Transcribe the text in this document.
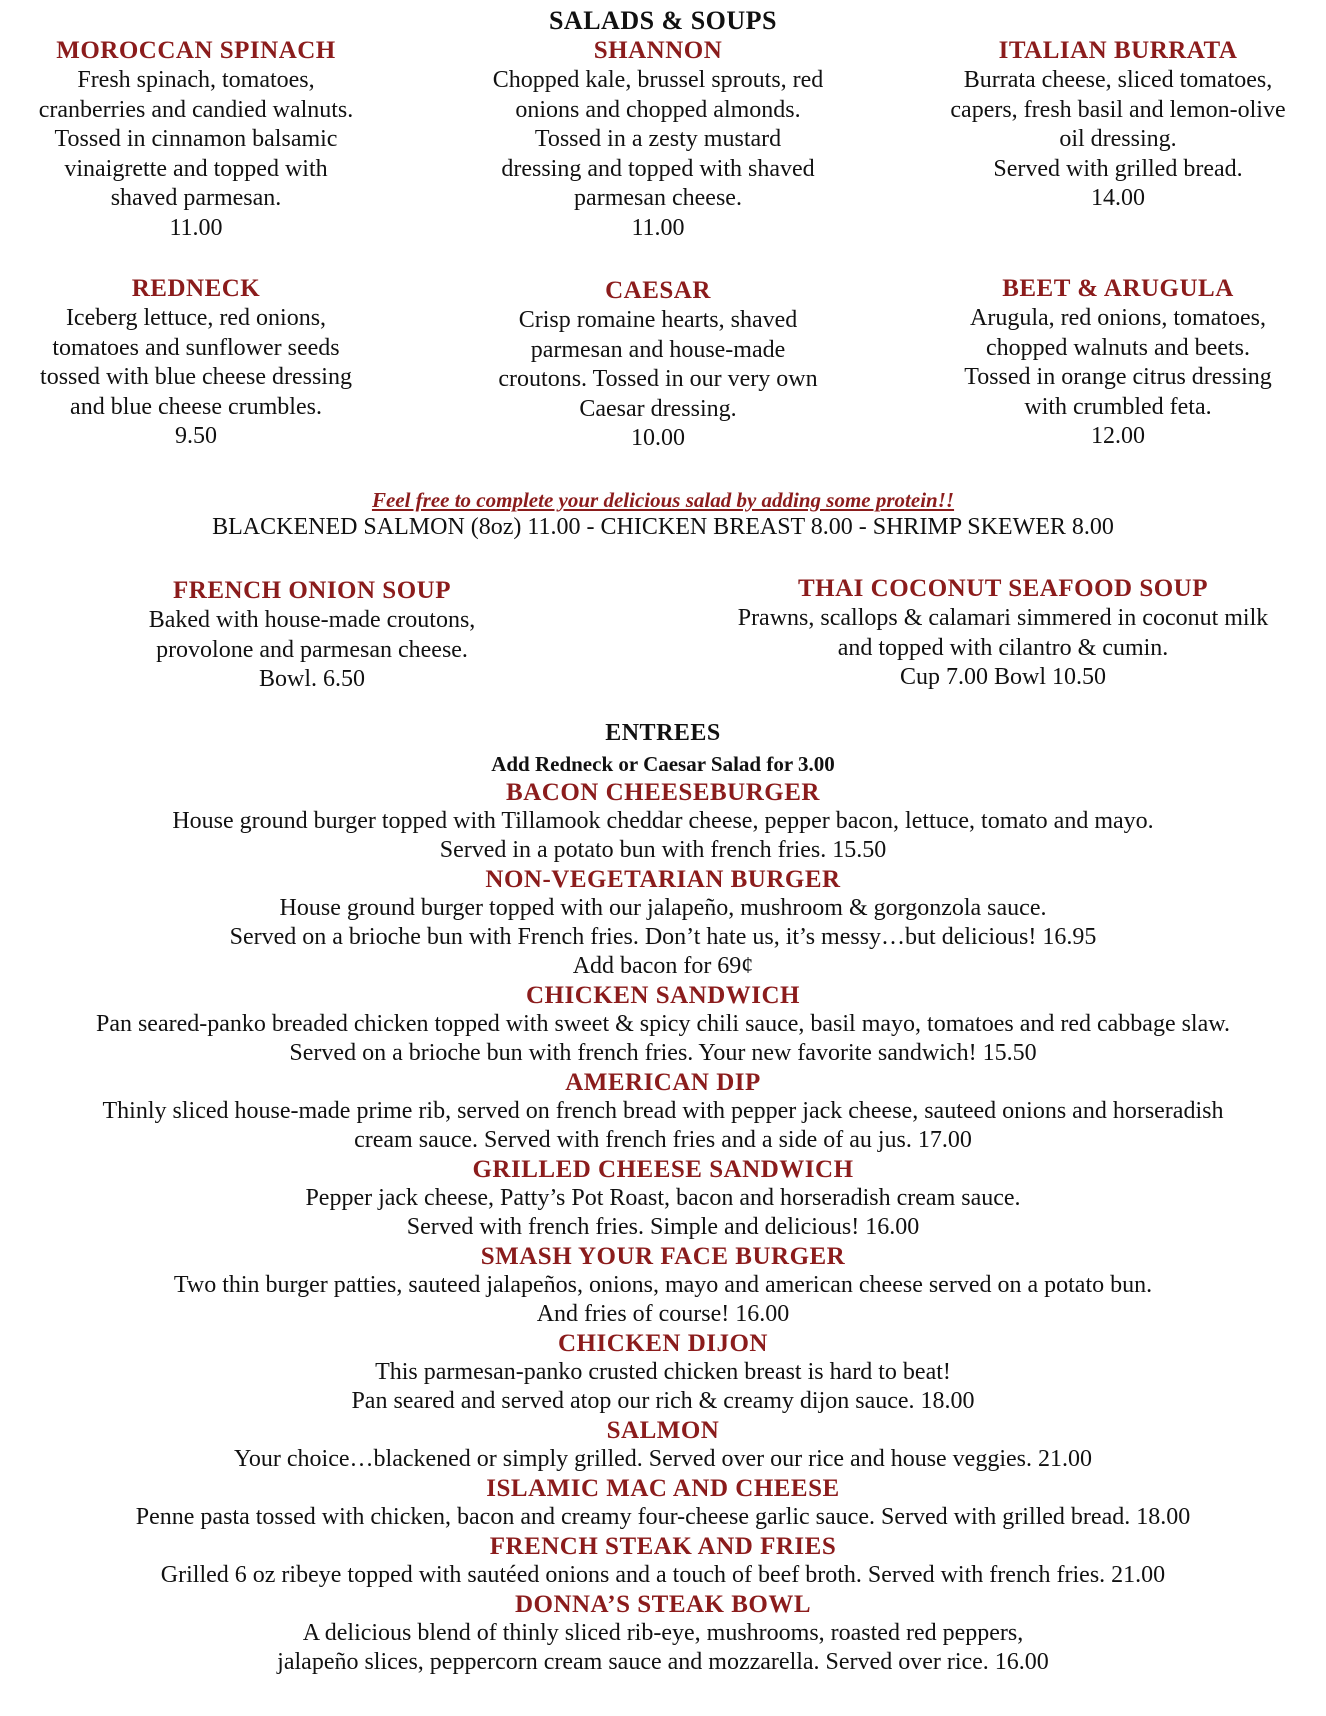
SALADS & SOUPS
MOROCCAN SPINACH
Fresh spinach, tomatoes,
cranberries and candied walnuts.
Tossed in cinnamon balsamic
vinaigrette and topped with
shaved parmesan.
11.00
SHANNON
Chopped kale, brussel sprouts, red
onions and chopped almonds.
Tossed in a zesty mustard
dressing and topped with shaved
parmesan cheese.
11.00
ITALIAN BURRATA
Burrata cheese, sliced tomatoes,
capers, fresh basil and lemon-olive
oil dressing.
Served with grilled bread.
14.00
REDNECK
Iceberg lettuce, red onions,
tomatoes and sunflower seeds
tossed with blue cheese dressing
and blue cheese crumbles.
9.50
CAESAR
Crisp romaine hearts, shaved
parmesan and house-made
croutons. Tossed in our very own
Caesar dressing.
10.00
BEET & ARUGULA
Arugula, red onions, tomatoes,
chopped walnuts and beets.
Tossed in orange citrus dressing
with crumbled feta.
12.00
Feel free to complete your delicious salad by adding some protein!!
BLACKENED SALMON (8oz) 11.00 - CHICKEN BREAST 8.00 - SHRIMP SKEWER 8.00
FRENCH ONION SOUP
Baked with house-made croutons,
provolone and parmesan cheese.
Bowl. 6.50
THAI COCONUT SEAFOOD SOUP
Prawns, scallops & calamari simmered in coconut milk
and topped with cilantro & cumin.
Cup 7.00 Bowl 10.50
ENTREES
Add Redneck or Caesar Salad for 3.00
BACON CHEESEBURGER
House ground burger topped with Tillamook cheddar cheese, pepper bacon, lettuce, tomato and mayo.
Served in a potato bun with french fries. 15.50
NON-VEGETARIAN BURGER
House ground burger topped with our jalapeño, mushroom & gorgonzola sauce.
Served on a brioche bun with French fries. Don’t hate us, it’s messy…but delicious! 16.95
Add bacon for 69¢
CHICKEN SANDWICH
Pan seared-panko breaded chicken topped with sweet & spicy chili sauce, basil mayo, tomatoes and red cabbage slaw.
Served on a brioche bun with french fries. Your new favorite sandwich! 15.50
AMERICAN DIP
Thinly sliced house-made prime rib, served on french bread with pepper jack cheese, sauteed onions and horseradish
cream sauce. Served with french fries and a side of au jus. 17.00
GRILLED CHEESE SANDWICH
Pepper jack cheese, Patty’s Pot Roast, bacon and horseradish cream sauce.
Served with french fries. Simple and delicious! 16.00
SMASH YOUR FACE BURGER
Two thin burger patties, sauteed jalapeños, onions, mayo and american cheese served on a potato bun.
And fries of course! 16.00
CHICKEN DIJON
This parmesan-panko crusted chicken breast is hard to beat!
Pan seared and served atop our rich & creamy dijon sauce. 18.00
SALMON
Your choice…blackened or simply grilled. Served over our rice and house veggies. 21.00
ISLAMIC MAC AND CHEESE
Penne pasta tossed with chicken, bacon and creamy four-cheese garlic sauce. Served with grilled bread. 18.00
FRENCH STEAK AND FRIES
Grilled 6 oz ribeye topped with sautéed onions and a touch of beef broth. Served with french fries. 21.00
DONNA’S STEAK BOWL
A delicious blend of thinly sliced rib-eye, mushrooms, roasted red peppers,
jalapeño slices, peppercorn cream sauce and mozzarella. Served over rice. 16.00
